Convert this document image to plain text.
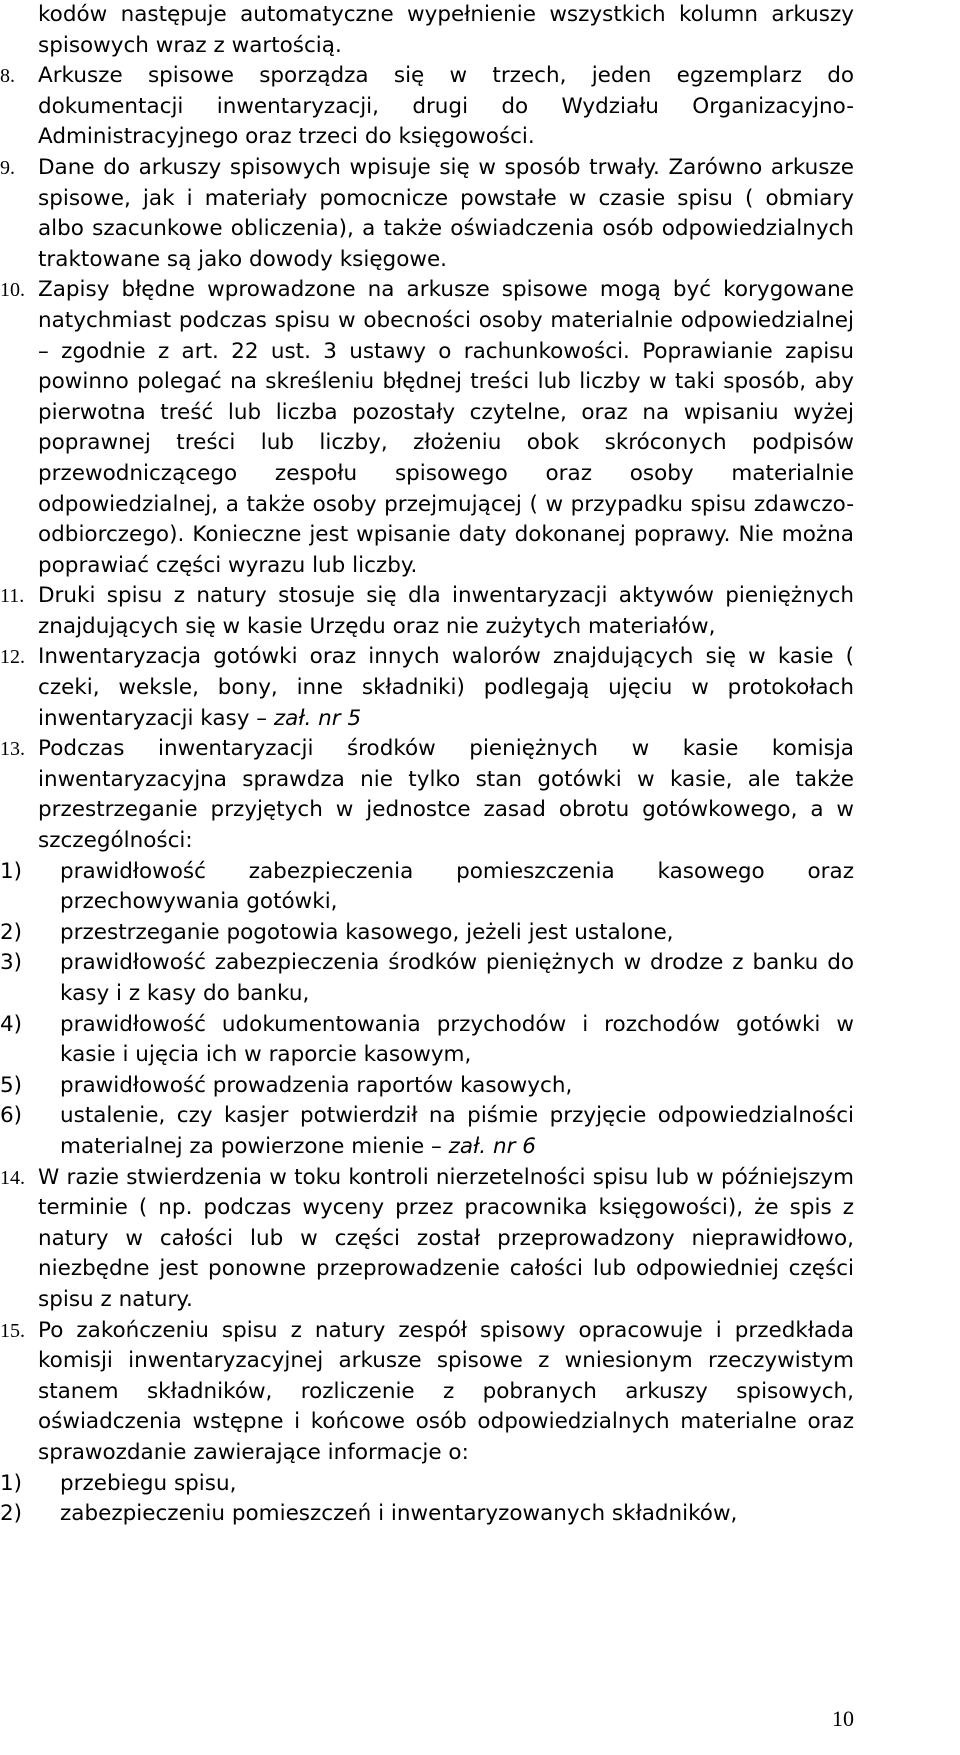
kodów następuje automatyczne wypełnienie wszystkich kolumn arkuszy spisowych wraz z wartością.
8.	Arkusze spisowe sporządza się w trzech, jeden egzemplarz do dokumentacji inwentaryzacji, drugi do Wydziału Organizacyjno-Administracyjnego oraz trzeci do księgowości.
9.	Dane do arkuszy spisowych wpisuje się w sposób trwały. Zarówno arkusze spisowe, jak i materiały pomocnicze powstałe w czasie spisu ( obmiary albo szacunkowe obliczenia), a także oświadczenia osób odpowiedzialnych traktowane są jako dowody księgowe.
10. Zapisy błędne wprowadzone na arkusze spisowe mogą być korygowane natychmiast podczas spisu w obecności osoby materialnie odpowiedzialnej – zgodnie z art. 22 ust. 3 ustawy o rachunkowości. Poprawianie zapisu powinno polegać na skreśleniu błędnej treści lub liczby w taki sposób, aby pierwotna treść lub liczba pozostały czytelne, oraz na wpisaniu wyżej poprawnej treści lub liczby, złożeniu obok skróconych podpisów przewodniczącego zespołu spisowego oraz osoby materialnie odpowiedzialnej, a także osoby przejmującej ( w przypadku spisu zdawczo-odbiorczego). Konieczne jest wpisanie daty dokonanej poprawy. Nie można poprawiać części wyrazu lub liczby.
11. Druki spisu z natury stosuje się dla inwentaryzacji aktywów pieniężnych znajdujących się w kasie Urzędu oraz nie zużytych materiałów,
12. Inwentaryzacja gotówki oraz innych walorów znajdujących się w kasie ( czeki, weksle, bony, inne składniki) podlegają ujęciu w protokołach inwentaryzacji kasy – zał. nr 5
13. Podczas inwentaryzacji środków pieniężnych w kasie komisja inwentaryzacyjna sprawdza nie tylko stan gotówki w kasie, ale także przestrzeganie przyjętych w jednostce zasad obrotu gotówkowego, a w szczególności:
1)	prawidłowość zabezpieczenia pomieszczenia kasowego oraz przechowywania gotówki,
2)	przestrzeganie pogotowia kasowego, jeżeli jest ustalone,
3)	prawidłowość zabezpieczenia środków pieniężnych w drodze z banku do kasy i z kasy do banku,
4)	prawidłowość udokumentowania przychodów i rozchodów gotówki w kasie i ujęcia ich w raporcie kasowym,
5)	prawidłowość prowadzenia raportów kasowych,
6)	ustalenie, czy kasjer potwierdził na piśmie przyjęcie odpowiedzialności materialnej za powierzone mienie – zał. nr 6
14. W razie stwierdzenia w toku kontroli nierzetelności spisu lub w późniejszym terminie ( np. podczas wyceny przez pracownika księgowości), że spis z natury w całości lub w części został przeprowadzony nieprawidłowo, niezbędne jest ponowne przeprowadzenie całości lub odpowiedniej części spisu z natury.
15. Po zakończeniu spisu z natury zespół spisowy opracowuje i przedkłada komisji inwentaryzacyjnej arkusze spisowe z wniesionym rzeczywistym stanem składników, rozliczenie z pobranych arkuszy spisowych, oświadczenia wstępne i końcowe osób odpowiedzialnych materialne oraz sprawozdanie zawierające informacje o:
1)	przebiegu spisu,
2)	zabezpieczeniu pomieszczeń i inwentaryzowanych składników,
10
